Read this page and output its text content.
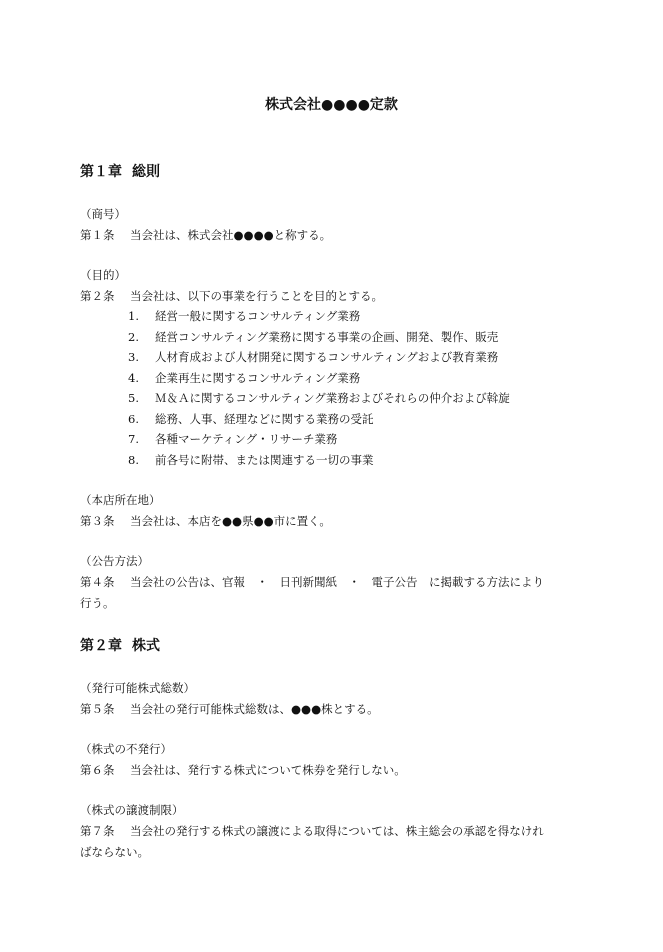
株式会社●●●●定款
第１章 総則
（商号）
第１条 当会社は、株式会社●●●●と称する。
（目的）
第２条 当会社は、以下の事業を行うことを目的とする。
1. 経営一般に関するコンサルティング業務
2. 経営コンサルティング業務に関する事業の企画、開発、製作、販売
3. 人材育成および人材開発に関するコンサルティングおよび教育業務
4. 企業再生に関するコンサルティング業務
5. Ｍ＆Ａに関するコンサルティング業務およびそれらの仲介および斡旋
6. 総務、人事、経理などに関する業務の受託
7. 各種マーケティング・リサーチ業務
8. 前各号に附帯、または関連する一切の事業
（本店所在地）
第３条 当会社は、本店を●●県●●市に置く。
（公告方法）
第４条 当会社の公告は、官報　・　日刊新聞紙　・　電子公告　に掲載する方法により
行う。
第２章 株式
（発行可能株式総数）
第５条 当会社の発行可能株式総数は、●●●株とする。
（株式の不発行）
第６条 当会社は、発行する株式について株券を発行しない。
（株式の譲渡制限）
第７条 当会社の発行する株式の譲渡による取得については、株主総会の承認を得なけれ
ばならない。
